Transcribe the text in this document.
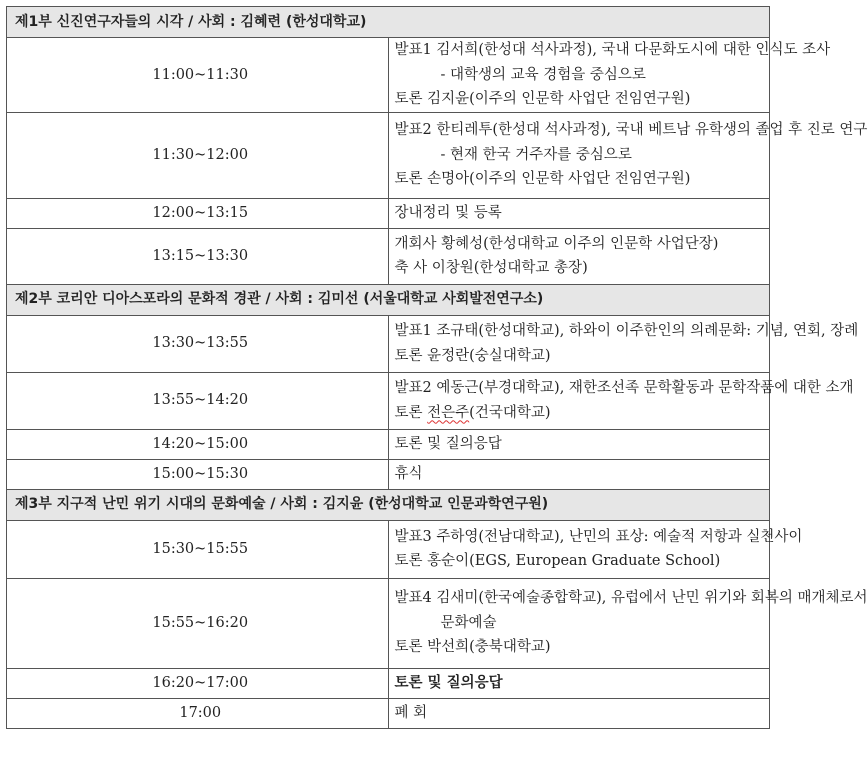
제1부 신진연구자들의 시각 / 사회 : 김혜련 (한성대학교)	
11:00~11:30	발표1 김서희(한성대 석사과정), 국내 다문화도시에 대한 인식도 조사
- 대학생의 교육 경험을 중심으로
토론 김지윤(이주의 인문학 사업단 전임연구원)

11:30~12:00	발표2 한티레투(한성대 석사과정), 국내 베트남 유학생의 졸업 후 진로 연구
- 현재 한국 거주자를 중심으로
토론 손명아(이주의 인문학 사업단 전임연구원)

12:00~13:15	장내정리 및 등록

13:15~13:30	개회사 황혜성(한성대학교 이주의 인문학 사업단장)
축 사 이창원(한성대학교 총장)

제2부 코리안 디아스포라의 문화적 경관 / 사회 : 김미선 (서울대학교 사회발전연구소)	
13:30~13:55	발표1 조규태(한성대학교), 하와이 이주한인의 의례문화: 기념, 연회, 장례
토론 윤정란(숭실대학교)

13:55~14:20	발표2 예동근(부경대학교), 재한조선족 문학활동과 문학작품에 대한 소개
토론 전은주(건국대학교)

14:20~15:00	토론 및 질의응답

15:00~15:30	휴식

제3부 지구적 난민 위기 시대의 문화예술 / 사회 : 김지윤 (한성대학교 인문과학연구원)	
15:30~15:55	발표3 주하영(전남대학교), 난민의 표상: 예술적 저항과 실천사이
토론 홍순이(EGS, European Graduate School)

15:55~16:20	발표4 김새미(한국예술종합학교), 유럽에서 난민 위기와 회복의 매개체로서
문화예술
토론 박선희(충북대학교)

16:20~17:00	토론 및 질의응답

17:00	폐 회
